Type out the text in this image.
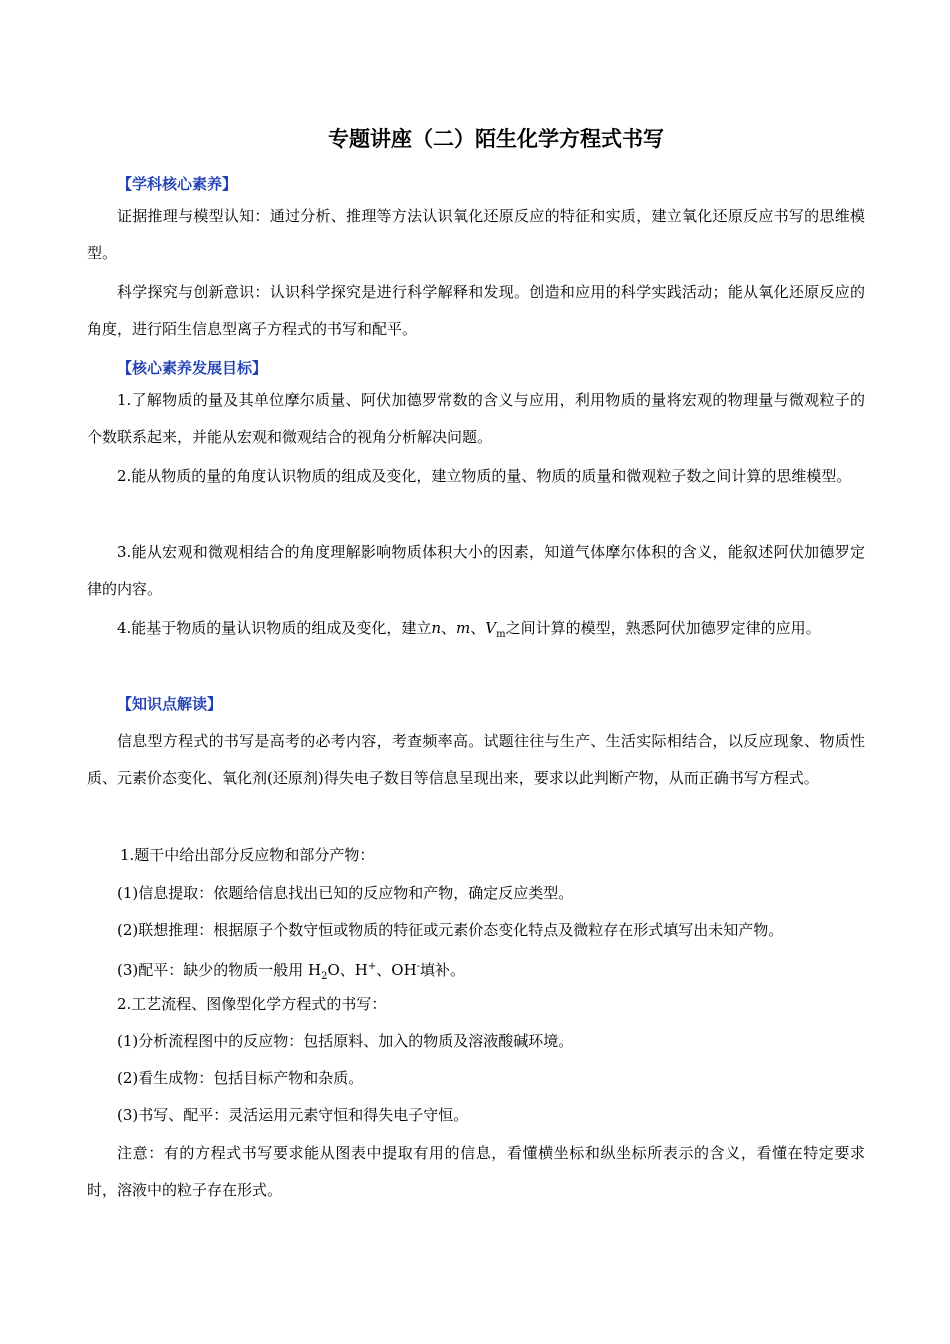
专题讲座（二）陌生化学方程式书写
【学科核心素养】

证据推理与模型认知：通过分析、推理等方法认识氧化还原反应的特征和实质，建立氧化还原反应书写的思维模型。

科学探究与创新意识：认识科学探究是进行科学解释和发现。创造和应用的科学实践活动；能从氧化还原反应的角度，进行陌生信息型离子方程式的书写和配平。

【核心素养发展目标】

1.了解物质的量及其单位摩尔质量、阿伏加德罗常数的含义与应用，利用物质的量将宏观的物理量与微观粒子的个数联系起来，并能从宏观和微观结合的视角分析解决问题。

2.能从物质的量的角度认识物质的组成及变化，建立物质的量、物质的质量和微观粒子数之间计算的思维模型。

3.能从宏观和微观相结合的角度理解影响物质体积大小的因素，知道气体摩尔体积的含义，能叙述阿伏加德罗定律的内容。

4.能基于物质的量认识物质的组成及变化，建立n、m、$V_m$之间计算的模型，熟悉阿伏加德罗定律的应用。

【知识点解读】

信息型方程式的书写是高考的必考内容，考查频率高。试题往往与生产、生活实际相结合，以反应现象、物质性质、元素价态变化、氧化剂(还原剂)得失电子数目等信息呈现出来，要求以此判断产物，从而正确书写方程式。

1.题干中给出部分反应物和部分产物：
(1)信息提取：依题给信息找出已知的反应物和产物，确定反应类型。
(2)联想推理：根据原子个数守恒或物质的特征或元素价态变化特点及微粒存在形式填写出未知产物。
(3)配平：缺少的物质一般用 $H_2O$、H+、OH-填补。
2.工艺流程、图像型化学方程式的书写：
(1)分析流程图中的反应物：包括原料、加入的物质及溶液酸碱环境。
(2)看生成物：包括目标产物和杂质。
(3)书写、配平：灵活运用元素守恒和得失电子守恒。

注意：有的方程式书写要求能从图表中提取有用的信息，看懂横坐标和纵坐标所表示的含义，看懂在特定要求时，溶液中的粒子存在形式。
